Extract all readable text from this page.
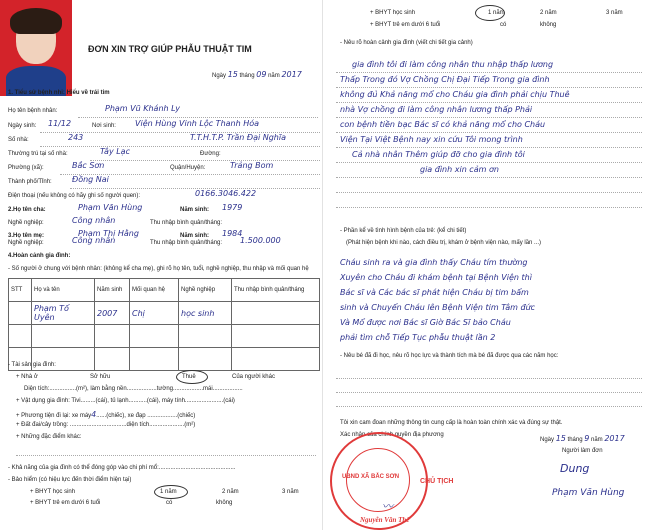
ĐƠN XIN TRỢ GIÚP PHẪU THUẬT TIM
Ngày 15 tháng 09 năm 2017
1. Tiểu sử bệnh nhi: Hiểu về trái tim
Họ tên bệnh nhân:	Phạm Vũ Khánh Ly
Ngày sinh: 11/12	Nơi sinh: Viện Hùng Vinh Lộc Thanh Hóa
Số nhà:	243	T.T.H.T.P. Trần Đại Nghĩa
Thường trú tại số nhà:	Tây Lạc	Đường:
Phường (xã):	Bắc Sơn	Quận/Huyện:	Trảng Bom
Thành phố/Tỉnh:	Đồng Nai
Điện thoại (nếu không có hãy ghi số người quen):	0166.3046.422
2.Họ tên cha:	Phạm Văn Hùng	Năm sinh: 1979
Nghề nghiệp:	Công nhân	Thu nhập bình quân/tháng:
3.Họ tên mẹ:	Phạm Thị Hằng	Năm sinh: 1984
Nghề nghiệp:	Công nhân	Thu nhập bình quân/tháng: 1.500.000
4.Hoàn cảnh gia đình:
- Số người ở chung với bệnh nhân: (không kể cha mẹ), ghi rõ họ tên, tuổi, nghề nghiệp, thu nhập và mối quan hệ
STT	Họ và tên	Năm sinh	Mối quan hệ	Nghề nghiệp	Thu nhập bình quân/tháng
	Phạm Tố Uyên	2007	Chị	học sinh	

- Tài sản gia đình:
+ Nhà ở	Sở hữu	Thuê	Của người khác
Diện tích:................(m²), làm bằng nền..................tường..................mái..................
+ Vật dụng gia đình: Tivi.........(cái), tủ lạnh...........(cái), máy tính.......................(cái)
+ Phương tiện đi lại: xe máy4......(chiếc), xe đạp ..................(chiếc)
+ Đất đai/cây trồng: ..................................diện tích.....................(m²)
+ Những đặc điểm khác:
- Khả năng của gia đình có thể đóng góp vào chi phí mổ:..............................................
- Bảo hiểm (có hiệu lực đến thời điểm hiện tại)
+ BHYT học sinh	1 năm	2 năm	3 năm
+ BHYT trẻ em dưới 6 tuổi	có	không
+ BHYT học sinh	1 năm	2 năm	3 năm
+ BHYT trẻ em dưới 6 tuổi	có	không
- Nêu rõ hoàn cảnh gia đình (viết chi tiết gia cảnh)
gia đình tôi đi làm công nhân thu nhập thấp lương
Thấp Trong đó Vợ Chồng Chị Đại Tiếp Trong gia đình
không đủ Khả năng mổ cho Cháu gia đình phải chịu Thuê
nhà Vợ chồng đi làm công nhân lương thấp Phải
con bệnh tiền bạc Bác sĩ có khả năng mổ cho Cháu
Viện Tại Việt Bệnh nay xin cứu Tôi mong trình
Cả nhà nhân Thêm giúp đỡ cho gia đình tôi
gia đình xin cảm ơn
- Phần kể về tình hình bệnh của trẻ: (kể chi tiết)
(Phát hiện bệnh khi nào, cách điều trị, khám ở bệnh viện nào, mấy lần ...)
Cháu sinh ra và gia đình thấy Cháu tím thường
Xuyên cho Cháu đi khám bệnh tại Bệnh Viện thì
Bác sĩ và Các bác sĩ phát hiện Cháu bị tim bẩm
sinh và Chuyển Cháu lên Bệnh Viện tim Tâm đức
Và Mổ được nơi Bác sĩ Giờ Bác Sĩ bảo Cháu
phải tìm chỗ Tiếp Tục phẫu thuật lần 2
- Nêu bé đã đi học, nêu rõ học lực và thành tích mà bé đã được qua các năm học:
Tôi xin cam đoan những thông tin cung cấp là hoàn toàn chính xác và đúng sự thật.
Xác nhận của chính quyền địa phương
Ngày 15 tháng 9 năm 2017
Người làm đơn
Dung
Phạm Văn Hùng
UBND XÃ BẮC SƠN
CHỦ TỊCH
〰
Nguyễn Văn Thế
